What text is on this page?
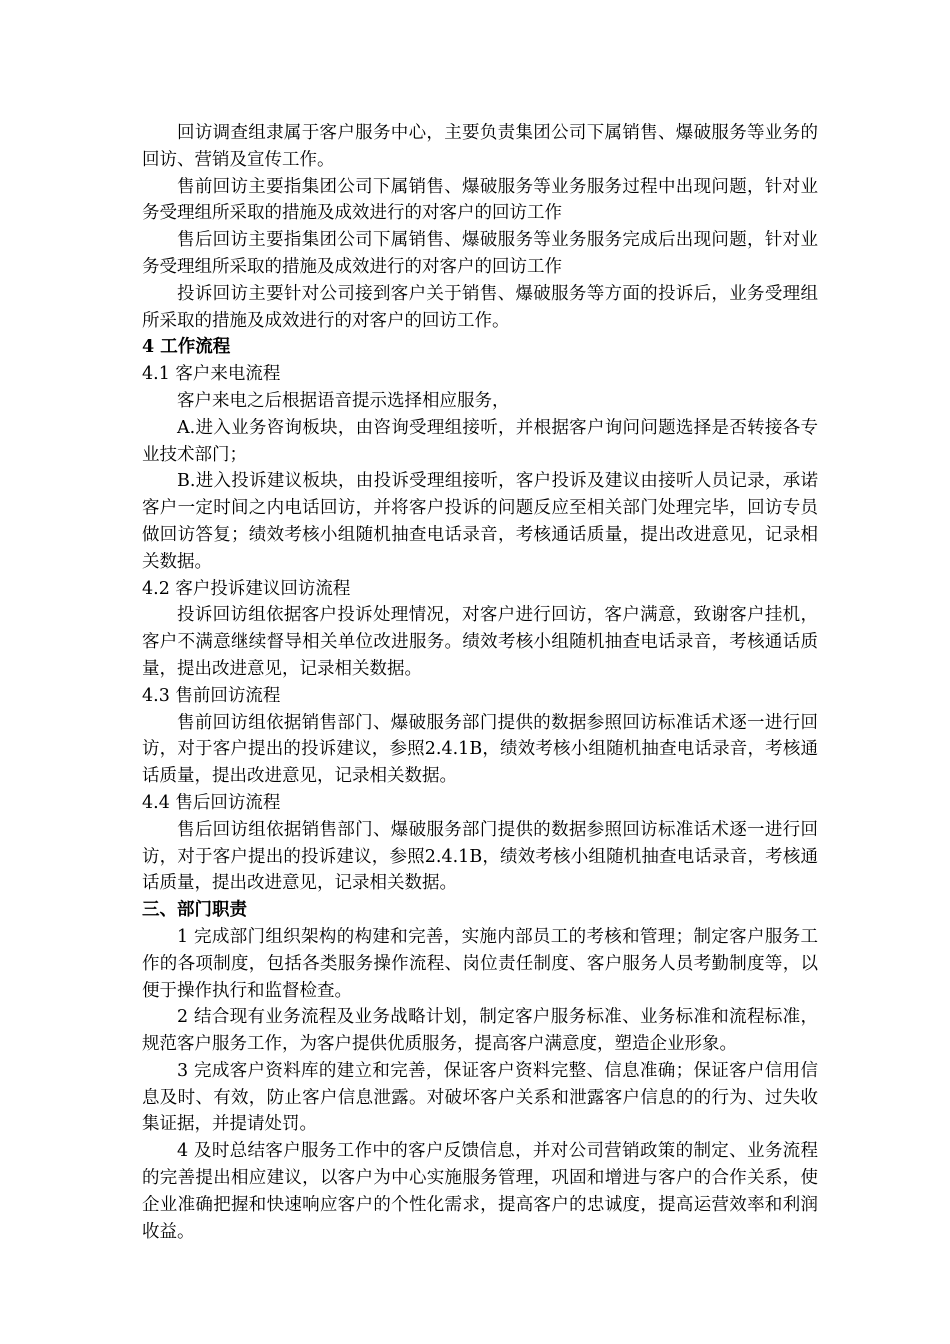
回访调查组隶属于客户服务中心，主要负责集团公司下属销售、爆破服务等业务的回访、营销及宣传工作。

售前回访主要指集团公司下属销售、爆破服务等业务服务过程中出现问题，针对业务受理组所采取的措施及成效进行的对客户的回访工作

售后回访主要指集团公司下属销售、爆破服务等业务服务完成后出现问题，针对业务受理组所采取的措施及成效进行的对客户的回访工作

投诉回访主要针对公司接到客户关于销售、爆破服务等方面的投诉后，业务受理组所采取的措施及成效进行的对客户的回访工作。

4 工作流程

4.1 客户来电流程

客户来电之后根据语音提示选择相应服务，

A.进入业务咨询板块，由咨询受理组接听，并根据客户询问问题选择是否转接各专业技术部门；

B.进入投诉建议板块，由投诉受理组接听，客户投诉及建议由接听人员记录，承诺客户一定时间之内电话回访，并将客户投诉的问题反应至相关部门处理完毕，回访专员做回访答复；绩效考核小组随机抽查电话录音，考核通话质量，提出改进意见，记录相关数据。

4.2 客户投诉建议回访流程

投诉回访组依据客户投诉处理情况，对客户进行回访，客户满意，致谢客户挂机，客户不满意继续督导相关单位改进服务。绩效考核小组随机抽查电话录音，考核通话质量，提出改进意见，记录相关数据。

4.3 售前回访流程

售前回访组依据销售部门、爆破服务部门提供的数据参照回访标准话术逐一进行回访，对于客户提出的投诉建议，参照2.4.1B，绩效考核小组随机抽查电话录音，考核通话质量，提出改进意见，记录相关数据。

4.4 售后回访流程

售后回访组依据销售部门、爆破服务部门提供的数据参照回访标准话术逐一进行回访，对于客户提出的投诉建议，参照2.4.1B，绩效考核小组随机抽查电话录音，考核通话质量，提出改进意见，记录相关数据。

三、部门职责

1 完成部门组织架构的构建和完善，实施内部员工的考核和管理；制定客户服务工作的各项制度，包括各类服务操作流程、岗位责任制度、客户服务人员考勤制度等，以便于操作执行和监督检查。

2 结合现有业务流程及业务战略计划，制定客户服务标准、业务标准和流程标准，规范客户服务工作，为客户提供优质服务，提高客户满意度，塑造企业形象。

3 完成客户资料库的建立和完善，保证客户资料完整、信息准确；保证客户信用信息及时、有效，防止客户信息泄露。对破坏客户关系和泄露客户信息的的行为、过失收集证据，并提请处罚。

4 及时总结客户服务工作中的客户反馈信息，并对公司营销政策的制定、业务流程的完善提出相应建议，以客户为中心实施服务管理，巩固和增进与客户的合作关系，使企业准确把握和快速响应客户的个性化需求，提高客户的忠诚度，提高运营效率和利润收益。
